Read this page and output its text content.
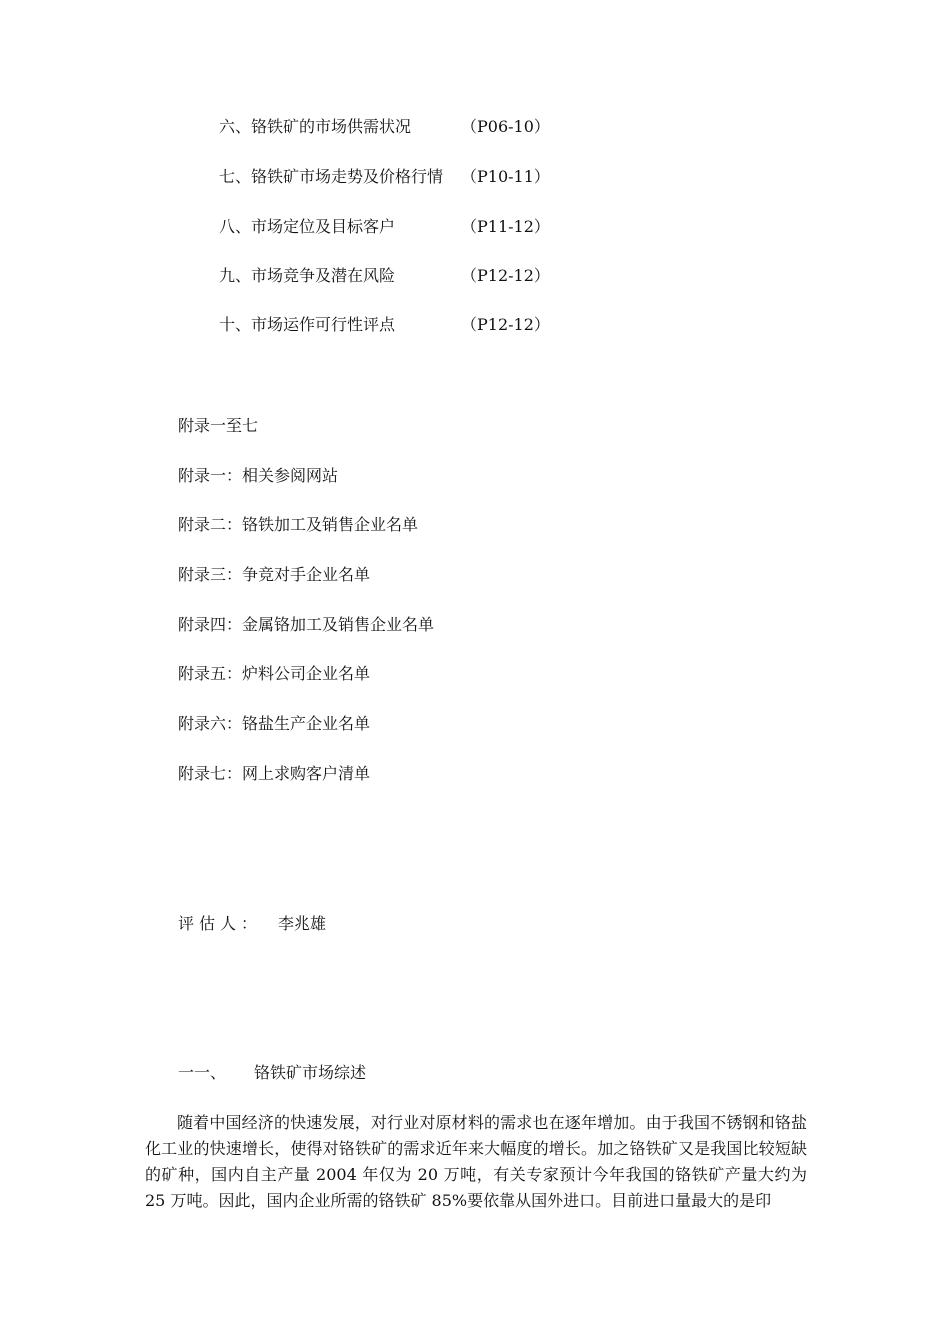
六、铬铁矿的市场供需状况	（P06-10）
七、铬铁矿市场走势及价格行情 （P10-11）
八、市场定位及目标客户	（P11-12）
九、市场竞争及潜在风险	（P12-12）
十、市场运作可行性评点	（P12-12）
附录一至七
附录一：相关参阅网站
附录二：铬铁加工及销售企业名单
附录三：争竞对手企业名单
附录四：金属铬加工及销售企业名单
附录五：炉料公司企业名单
附录六：铬盐生产企业名单
附录七：网上求购客户清单
评估人： 李兆雄
一一、 铬铁矿市场综述

随着中国经济的快速发展，对行业对原材料的需求也在逐年增加。由于我国不锈钢和铬盐化工业的快速增长，使得对铬铁矿的需求近年来大幅度的增长。加之铬铁矿又是我国比较短缺的矿种，国内自主产量 2004 年仅为 20 万吨，有关专家预计今年我国的铬铁矿产量大约为 25 万吨。因此，国内企业所需的铬铁矿 85%要依靠从国外进口。目前进口量最大的是印
